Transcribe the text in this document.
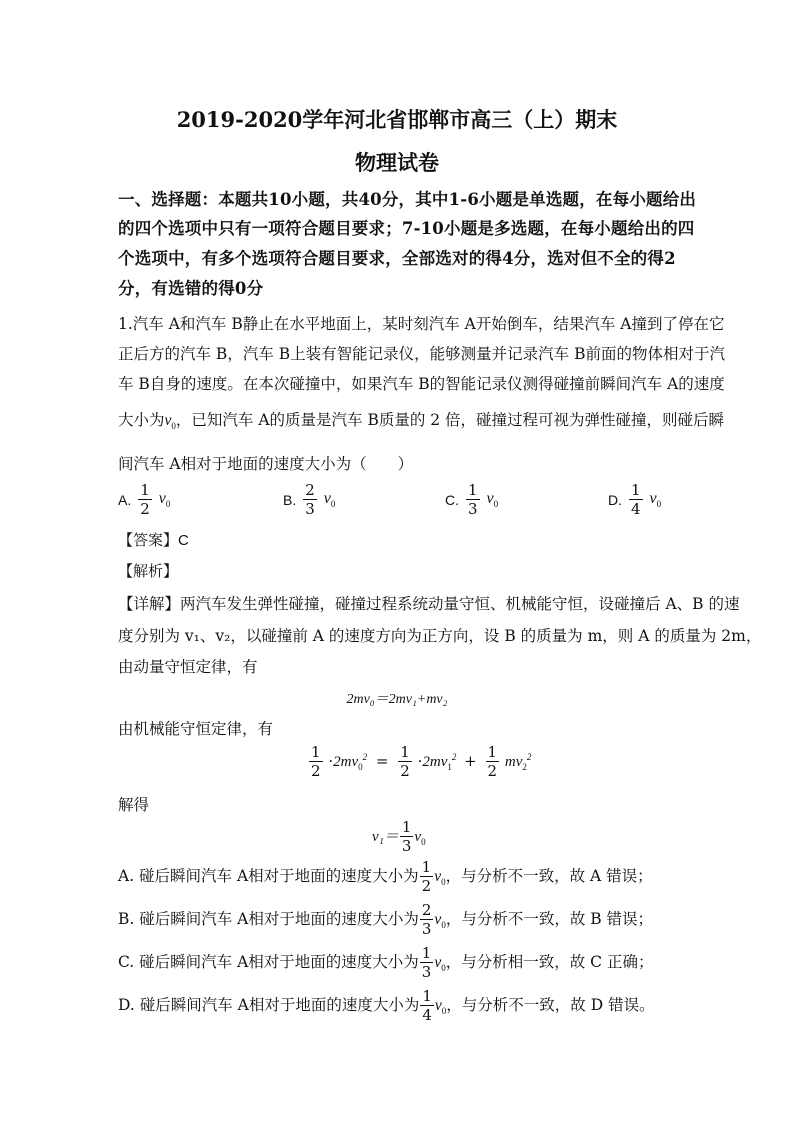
2019-2020学年河北省邯郸市高三（上）期末
物理试卷
一、选择题：本题共10小题，共40分，其中1-6小题是单选题，在每小题给出
的四个选项中只有一项符合题目要求；7-10小题是多选题，在每小题给出的四
个选项中，有多个选项符合题目要求，全部选对的得4分，选对但不全的得2
分，有选错的得0分
1.汽车 A和汽车 B静止在水平地面上，某时刻汽车 A开始倒车，结果汽车 A撞到了停在它
正后方的汽车 B，汽车 B上装有智能记录仪，能够测量并记录汽车 B前面的物体相对于汽
车 B自身的速度。在本次碰撞中，如果汽车 B的智能记录仪测得碰撞前瞬间汽车 A的速度
大小为$v_0$，已知汽车 A的质量是汽车 B质量的 2 倍，碰撞过程可视为弹性碰撞，则碰后瞬
间汽车 A相对于地面的速度大小为（　　）
A. $\frac{1}{2} v_0$	B. $\frac{2}{3} v_0$	C. $\frac{1}{3} v_0$	D. $\frac{1}{4} v_0$
【答案】C
【解析】
【详解】两汽车发生弹性碰撞，碰撞过程系统动量守恒、机械能守恒，设碰撞后 A、B 的速
度分别为 v₁、v₂，以碰撞前 A 的速度方向为正方向，设 B 的质量为 m，则 A 的质量为 2m，
由动量守恒定律，有
2mv₀＝2mv₁+mv₂
由机械能守恒定律，有
$\frac{1}{2} \cdot 2mv_0^2 = \frac{1}{2} \cdot 2mv_1^2 + \frac{1}{2} mv_2^2$
解得
$v_1= \frac{1}{3} v_0$
A. 碰后瞬间汽车 A相对于地面的速度大小为 $\frac{1}{2} v_0$，与分析不一致，故 A 错误；
B. 碰后瞬间汽车 A相对于地面的速度大小为 $\frac{2}{3} v_0$，与分析不一致，故 B 错误；
C. 碰后瞬间汽车 A相对于地面的速度大小为 $\frac{1}{3} v_0$，与分析相一致，故 C 正确；
D. 碰后瞬间汽车 A相对于地面的速度大小为 $\frac{1}{4} v_0$，与分析不一致，故 D 错误。
